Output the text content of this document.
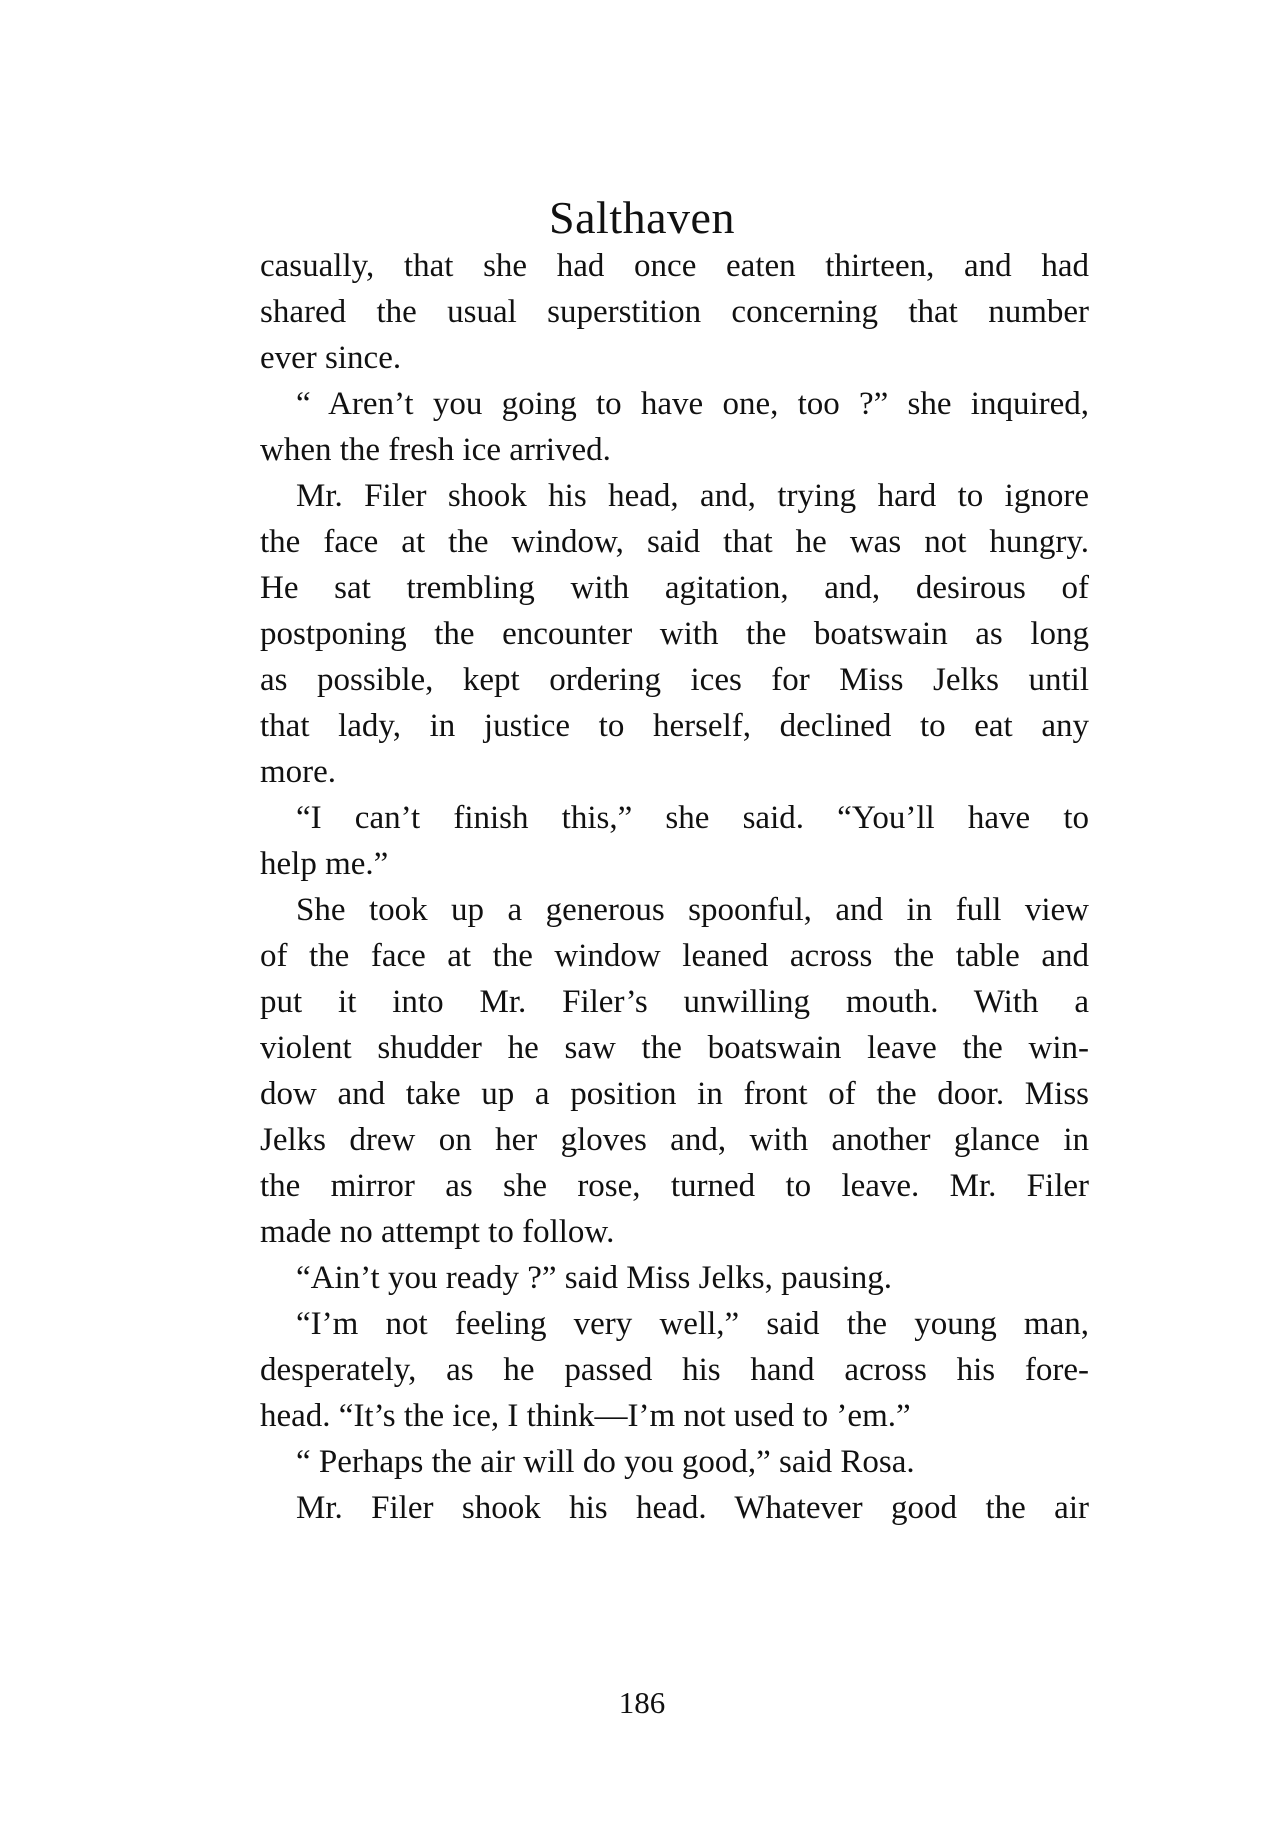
Salthaven
casually, that she had once eaten thirteen, and had
shared the usual superstition concerning that number
ever since.
“ Aren’t you going to have one, too ?” she inquired,
when the fresh ice arrived.
Mr. Filer shook his head, and, trying hard to ignore
the face at the window, said that he was not hungry.
He sat trembling with agitation, and, desirous of
postponing the encounter with the boatswain as long
as possible, kept ordering ices for Miss Jelks until
that lady, in justice to herself, declined to eat any
more.
“I can’t finish this,” she said. “You’ll have to
help me.”
She took up a generous spoonful, and in full view
of the face at the window leaned across the table and
put it into Mr. Filer’s unwilling mouth. With a
violent shudder he saw the boatswain leave the win-
dow and take up a position in front of the door. Miss
Jelks drew on her gloves and, with another glance in
the mirror as she rose, turned to leave. Mr. Filer
made no attempt to follow.
“Ain’t you ready ?” said Miss Jelks, pausing.
“I’m not feeling very well,” said the young man,
desperately, as he passed his hand across his fore-
head. “It’s the ice, I think—I’m not used to ’em.”
“ Perhaps the air will do you good,” said Rosa.
Mr. Filer shook his head. Whatever good the air
186
